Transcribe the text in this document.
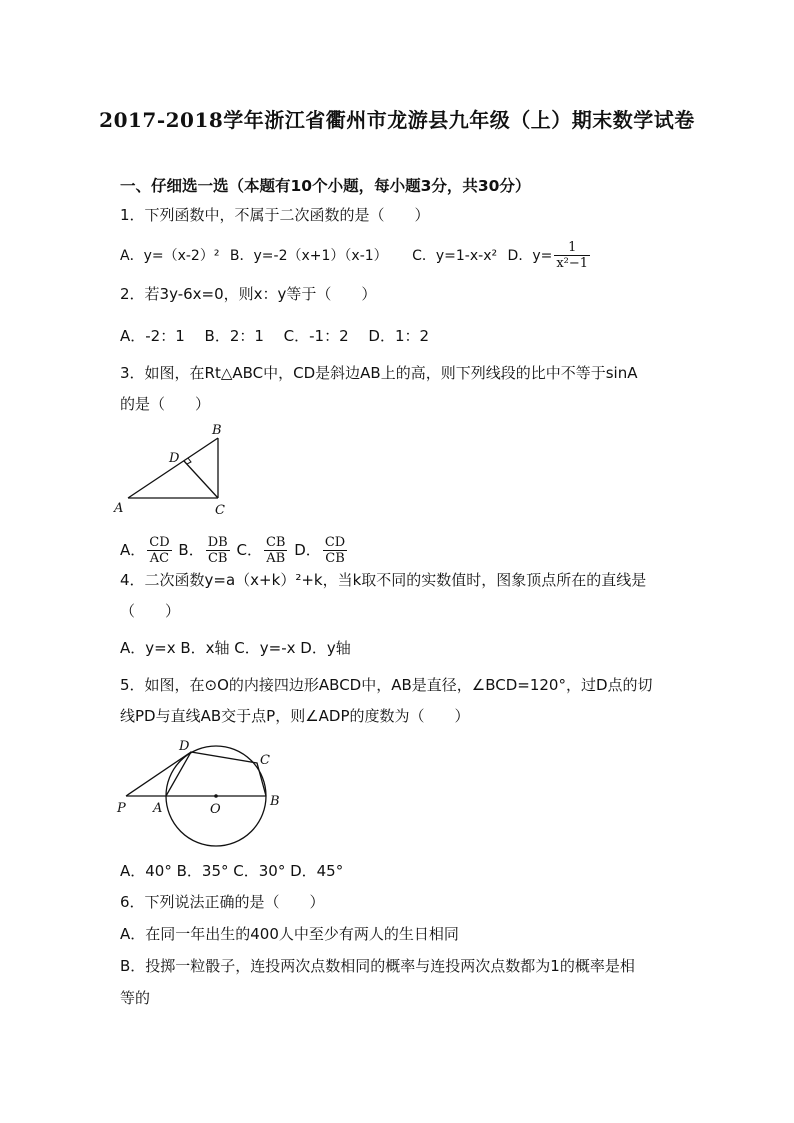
2017-2018学年浙江省衢州市龙游县九年级（上）期末数学试卷
一、仔细选一选（本题有10个小题，每小题3分，共30分）
1．下列函数中，不属于二次函数的是（　　）
A．y=（x-2）² B．y=-2（x+1）（x-1） C．y=1-x-x² D．$y= \frac{1}{\text{x²−1}}$
2．若3y-6x=0，则x：y等于（　　）
A．-2：1　 B．2：1　 C．-1：2　 D．1：2
3．如图，在Rt△ABC中，CD是斜边AB上的高，则下列线段的比中不等于sinA
的是（　　）
A
B
C
D
A． $\frac{CD}{AC}$ B． $\frac{DB}{CB}$ C． $\frac{CB}{AB}$ D． $\frac{CD}{CB}$
4．二次函数y=a（x+k）²+k，当k取不同的实数值时，图象顶点所在的直线是
（　　）
A．y=x B．x轴 C．y=-x D．y轴
5．如图，在⊙O的内接四边形ABCD中，AB是直径，∠BCD=120°，过D点的切
线PD与直线AB交于点P，则∠ADP的度数为（　　）
P A	O
B
C
D
A．40° B．35° C．30° D．45°
6．下列说法正确的是（　　）
A．在同一年出生的400人中至少有两人的生日相同
B．投掷一粒骰子，连投两次点数相同的概率与连投两次点数都为1的概率是相
等的
